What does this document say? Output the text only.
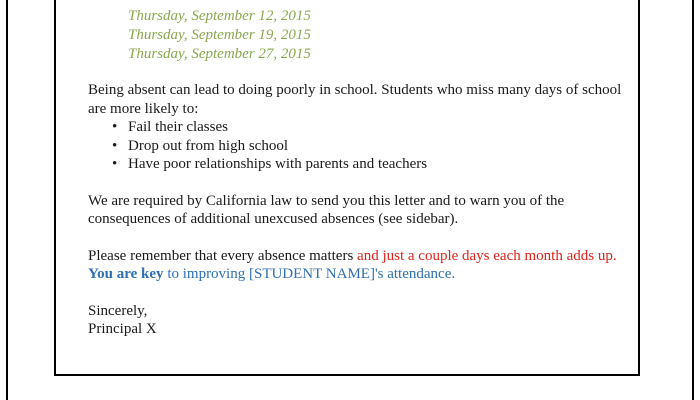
Thursday, September 12, 2015
Thursday, September 19, 2015
Thursday, September 27, 2015

Being absent can lead to doing poorly in school. Students who miss many days of school are more likely to:

• Fail their classes
• Drop out from high school
• Have poor relationships with parents and teachers

We are required by California law to send you this letter and to warn you of the consequences of additional unexcused absences (see sidebar).

Please remember that every absence matters and just a couple days each month adds up. You are key to improving [STUDENT NAME]'s attendance.

Sincerely,
Principal X
